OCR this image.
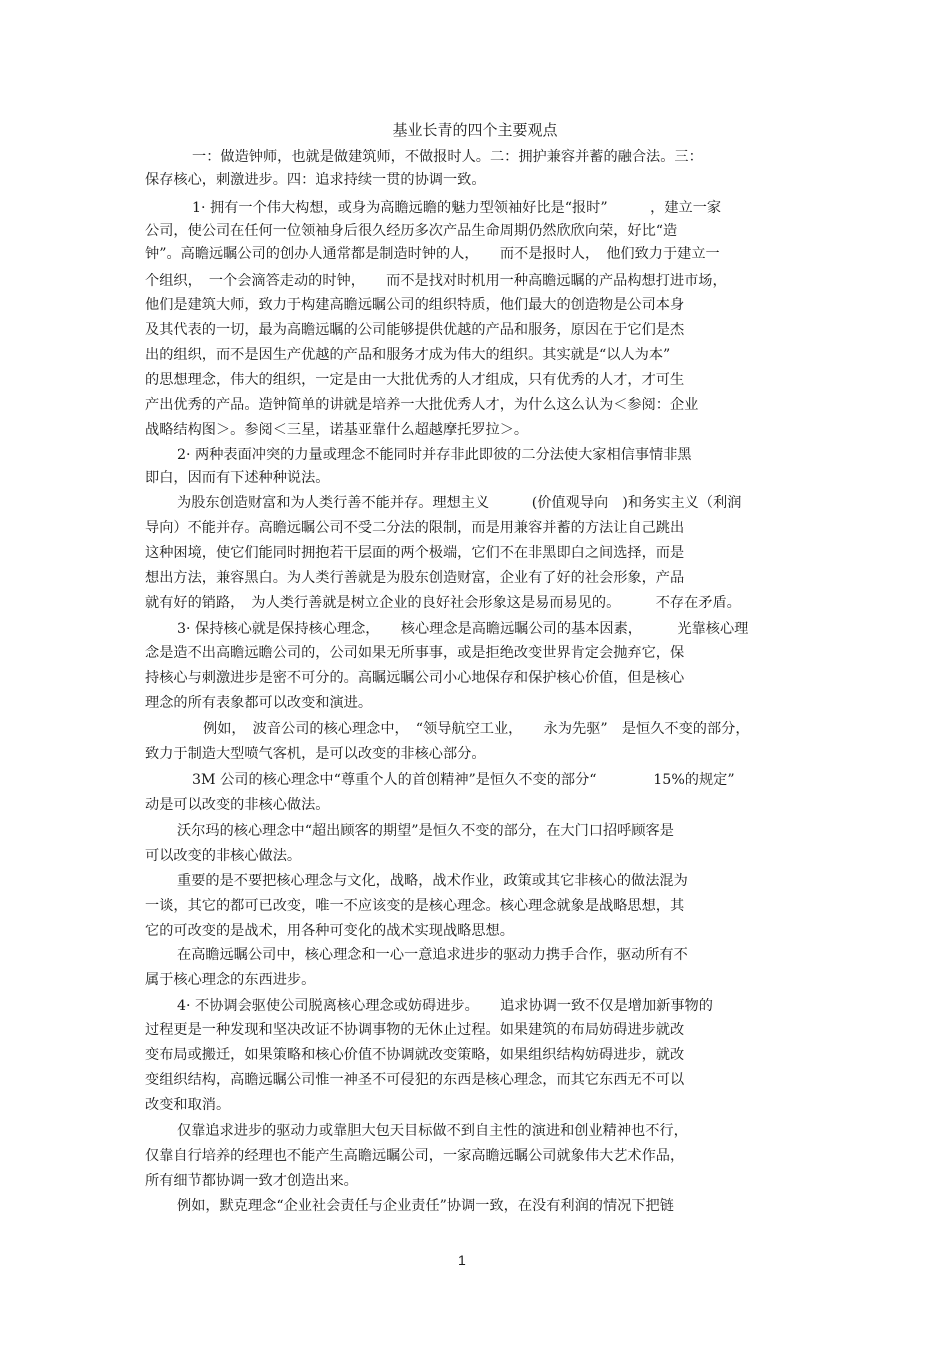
基业长青的四个主要观点
一：做造钟师，也就是做建筑师，不做报时人。二：拥护兼容并蓄的融合法。三：
保存核心，刺激进步。四：追求持续一贯的协调一致。
1· 拥有一个伟大构想，或身为高瞻远瞻的魅力型领袖好比是“报时”　　　，建立一家
公司，使公司在任何一位领袖身后很久经历多次产品生命周期仍然欣欣向荣，好比“造
钟”。高瞻远瞩公司的创办人通常都是制造时钟的人，　　而不是报时人，　他们致力于建立一
个组织，　一个会滴答走动的时钟，　　而不是找对时机用一种高瞻远瞩的产品构想打进市场，
他们是建筑大师，致力于构建高瞻远瞩公司的组织特质，他们最大的创造物是公司本身
及其代表的一切，最为高瞻远瞩的公司能够提供优越的产品和服务，原因在于它们是杰
出的组织，而不是因生产优越的产品和服务才成为伟大的组织。其实就是“以人为本”
的思想理念，伟大的组织，一定是由一大批优秀的人才组成，只有优秀的人才，才可生
产出优秀的产品。造钟简单的讲就是培养一大批优秀人才，为什么这么认为＜参阅：企业
战略结构图＞。参阅＜三星，诺基亚靠什么超越摩托罗拉＞。
2· 两种表面冲突的力量或理念不能同时并存非此即彼的二分法使大家相信事情非黑
即白，因而有下述种种说法。
为股东创造财富和为人类行善不能并存。理想主义　　　(价值观导向　)和务实主义（利润
导向）不能并存。高瞻远瞩公司不受二分法的限制，而是用兼容并蓄的方法让自己跳出
这种困境，使它们能同时拥抱若干层面的两个极端，它们不在非黑即白之间选择，而是
想出方法，兼容黑白。为人类行善就是为股东创造财富，企业有了好的社会形象，产品
就有好的销路，　为人类行善就是树立企业的良好社会形象这是易而易见的。　　　不存在矛盾。
3· 保持核心就是保持核心理念，　　核心理念是高瞻远瞩公司的基本因素，　　　光靠核心理
念是造不出高瞻远瞻公司的，公司如果无所事事，或是拒绝改变世界肯定会抛弃它，保
持核心与刺激进步是密不可分的。高瞩远瞩公司小心地保存和保护核心价值，但是核心
理念的所有表象都可以改变和演进。
例如，　波音公司的核心理念中，　“领导航空工业，　　永为先驱”　是恒久不变的部分，
致力于制造大型喷气客机，是可以改变的非核心部分。
3M 公司的核心理念中“尊重个人的首创精神”是恒久不变的部分“　　　　15%的规定”
动是可以改变的非核心做法。
沃尔玛的核心理念中“超出顾客的期望”是恒久不变的部分，在大门口招呼顾客是
可以改变的非核心做法。
重要的是不要把核心理念与文化，战略，战术作业，政策或其它非核心的做法混为
一谈，其它的都可已改变，唯一不应该变的是核心理念。核心理念就象是战略思想，其
它的可改变的是战术，用各种可变化的战术实现战略思想。
在高瞻远瞩公司中，核心理念和一心一意追求进步的驱动力携手合作，驱动所有不
属于核心理念的东西进步。
4· 不协调会驱使公司脱离核心理念或妨碍进步。　　追求协调一致不仅是增加新事物的
过程更是一种发现和坚决改证不协调事物的无休止过程。如果建筑的布局妨碍进步就改
变布局或搬迁，如果策略和核心价值不协调就改变策略，如果组织结构妨碍进步，就改
变组织结构，高瞻远瞩公司惟一神圣不可侵犯的东西是核心理念，而其它东西无不可以
改变和取消。
仅靠追求进步的驱动力或靠胆大包天目标做不到自主性的演进和创业精神也不行，
仅靠自行培养的经理也不能产生高瞻远瞩公司，一家高瞻远瞩公司就象伟大艺术作品，
所有细节都协调一致才创造出来。
例如，默克理念“企业社会责任与企业责任”协调一致，在没有利润的情况下把链
1
